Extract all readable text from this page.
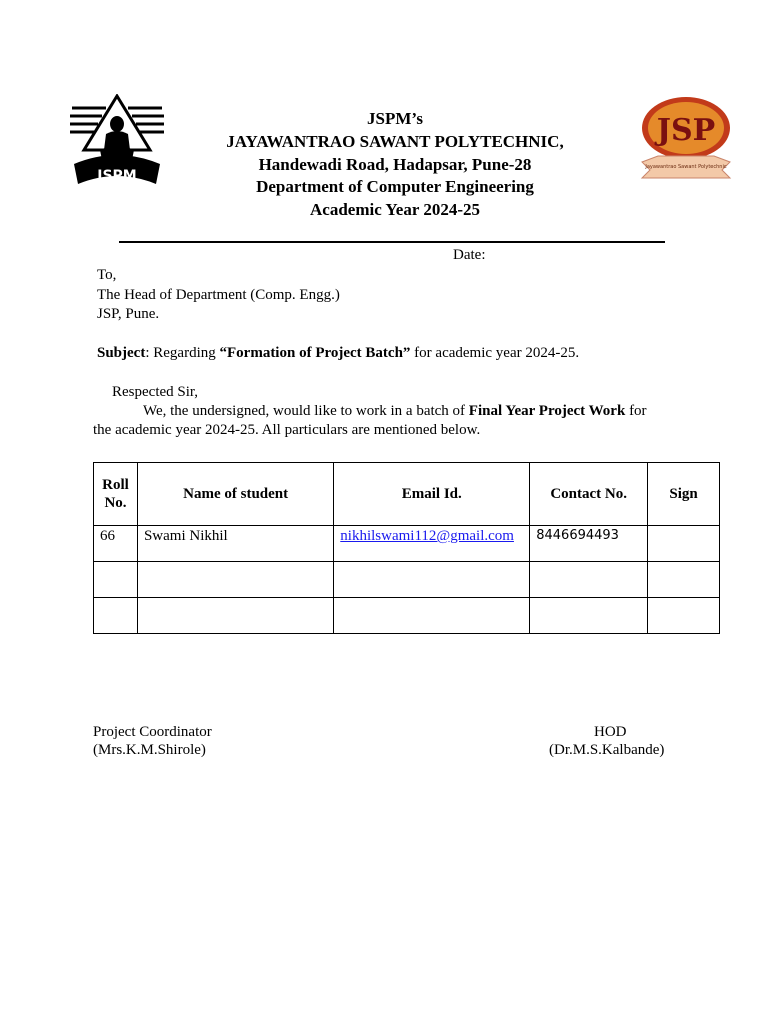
JSPM
JSP
Jayawantrao Sawant Polytechnic
JSPM’s
JAYAWANTRAO SAWANT POLYTECHNIC,
Handewadi Road, Hadapsar, Pune-28
Department of Computer Engineering
Academic Year 2024-25
Date:
To,
The Head of Department (Comp. Engg.)
JSP, Pune.
Subject: Regarding “Formation of Project Batch” for academic year 2024-25.
Respected Sir,
We, the undersigned, would like to work in a batch of Final Year Project Work for
the academic year 2024-25. All particulars are mentioned below.
Roll
No.	Name of student	Email Id.	Contact No.	Sign
66	Swami Nikhil	nikhilswami112@gmail.com	8446694493	

Project Coordinator
(Mrs.K.M.Shirole)
HOD
(Dr.M.S.Kalbande)
